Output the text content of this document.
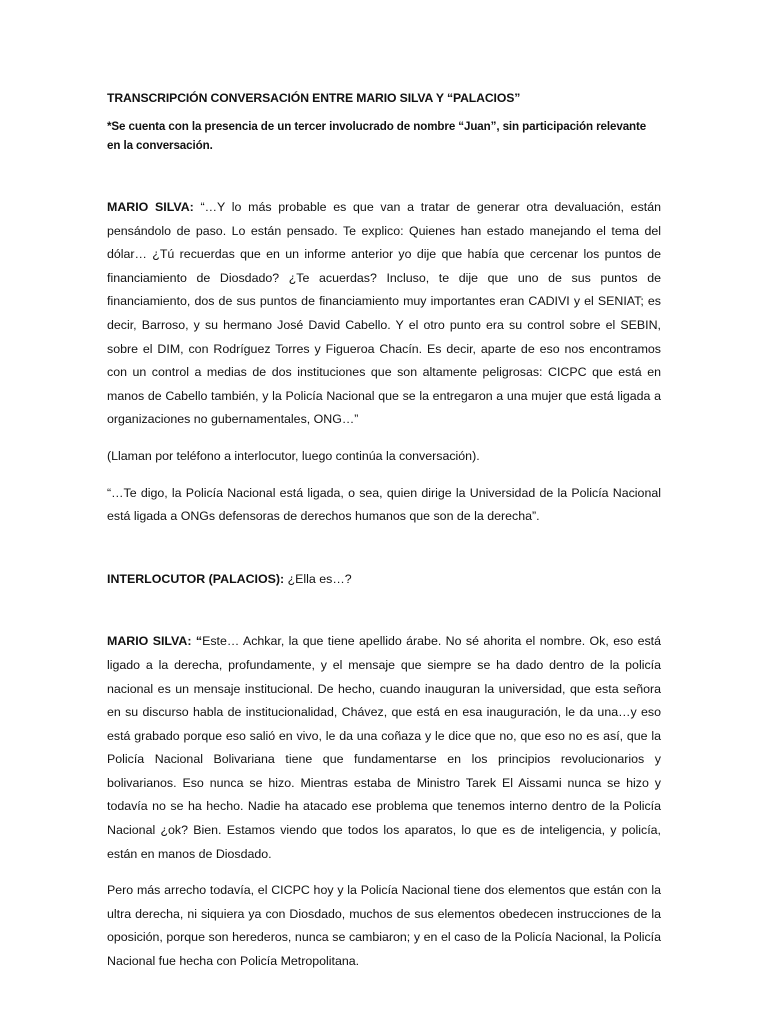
TRANSCRIPCIÓN CONVERSACIÓN ENTRE MARIO SILVA Y “PALACIOS”
*Se cuenta con la presencia de un tercer involucrado de nombre “Juan”, sin participación relevante en la conversación.

MARIO SILVA: “…Y lo más probable es que van a tratar de generar otra devaluación, están pensándolo de paso. Lo están pensado. Te explico: Quienes han estado manejando el tema del dólar… ¿Tú recuerdas que en un informe anterior yo dije que había que cercenar los puntos de financiamiento de Diosdado? ¿Te acuerdas? Incluso, te dije que uno de sus puntos de financiamiento, dos de sus puntos de financiamiento muy importantes eran CADIVI y el SENIAT; es decir, Barroso, y su hermano José David Cabello. Y el otro punto era su control sobre el SEBIN, sobre el DIM, con Rodríguez Torres y Figueroa Chacín. Es decir, aparte de eso nos encontramos con un control a medias de dos instituciones que son altamente peligrosas: CICPC que está en manos de Cabello también, y la Policía Nacional que se la entregaron a una mujer que está ligada a organizaciones no gubernamentales, ONG…”

(Llaman por teléfono a interlocutor, luego continúa la conversación).

“…Te digo, la Policía Nacional está ligada, o sea, quien dirige la Universidad de la Policía Nacional está ligada a ONGs defensoras de derechos humanos que son de la derecha”.

INTERLOCUTOR (PALACIOS): ¿Ella es…?

MARIO SILVA: “Este… Achkar, la que tiene apellido árabe. No sé ahorita el nombre. Ok, eso está ligado a la derecha, profundamente, y el mensaje que siempre se ha dado dentro de la policía nacional es un mensaje institucional. De hecho, cuando inauguran la universidad, que esta señora en su discurso habla de institucionalidad, Chávez, que está en esa inauguración, le da una…y eso está grabado porque eso salió en vivo, le da una coñaza y le dice que no, que eso no es así, que la Policía Nacional Bolivariana tiene que fundamentarse en los principios revolucionarios y bolivarianos. Eso nunca se hizo. Mientras estaba de Ministro Tarek El Aissami nunca se hizo y todavía no se ha hecho. Nadie ha atacado ese problema que tenemos interno dentro de la Policía Nacional ¿ok? Bien. Estamos viendo que todos los aparatos, lo que es de inteligencia, y policía, están en manos de Diosdado.

Pero más arrecho todavía, el CICPC hoy y la Policía Nacional tiene dos elementos que están con la ultra derecha, ni siquiera ya con Diosdado, muchos de sus elementos obedecen instrucciones de la oposición, porque son herederos, nunca se cambiaron; y en el caso de la Policía Nacional, la Policía Nacional fue hecha con Policía Metropolitana.
